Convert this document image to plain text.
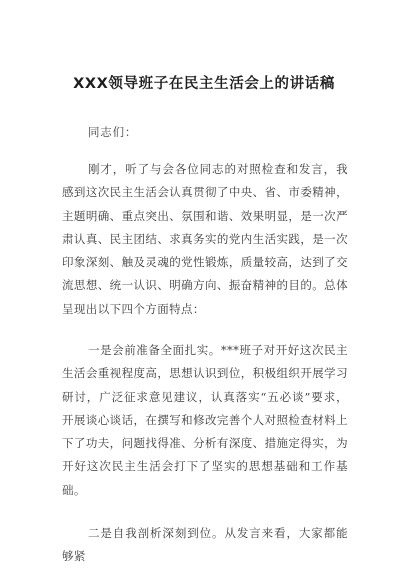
XXX领导班子在民主生活会上的讲话稿

同志们：

刚才，听了与会各位同志的对照检查和发言，我感到这次民主生活会认真贯彻了中央、省、市委精神，主题明确、重点突出、氛围和谐、效果明显，是一次严肃认真、民主团结、求真务实的党内生活实践，是一次印象深刻、触及灵魂的党性锻炼，质量较高，达到了交流思想、统一认识、明确方向、振奋精神的目的。总体呈现出以下四个方面特点：

一是会前准备全面扎实。***班子对开好这次民主生活会重视程度高，思想认识到位，积极组织开展学习研讨，广泛征求意见建议，认真落实“五必谈”要求，开展谈心谈话，在撰写和修改完善个人对照检查材料上下了功夫，问题找得准、分析有深度、措施定得实，为开好这次民主生活会打下了坚实的思想基础和工作基础。

二是自我剖析深刻到位。从发言来看，大家都能够紧
